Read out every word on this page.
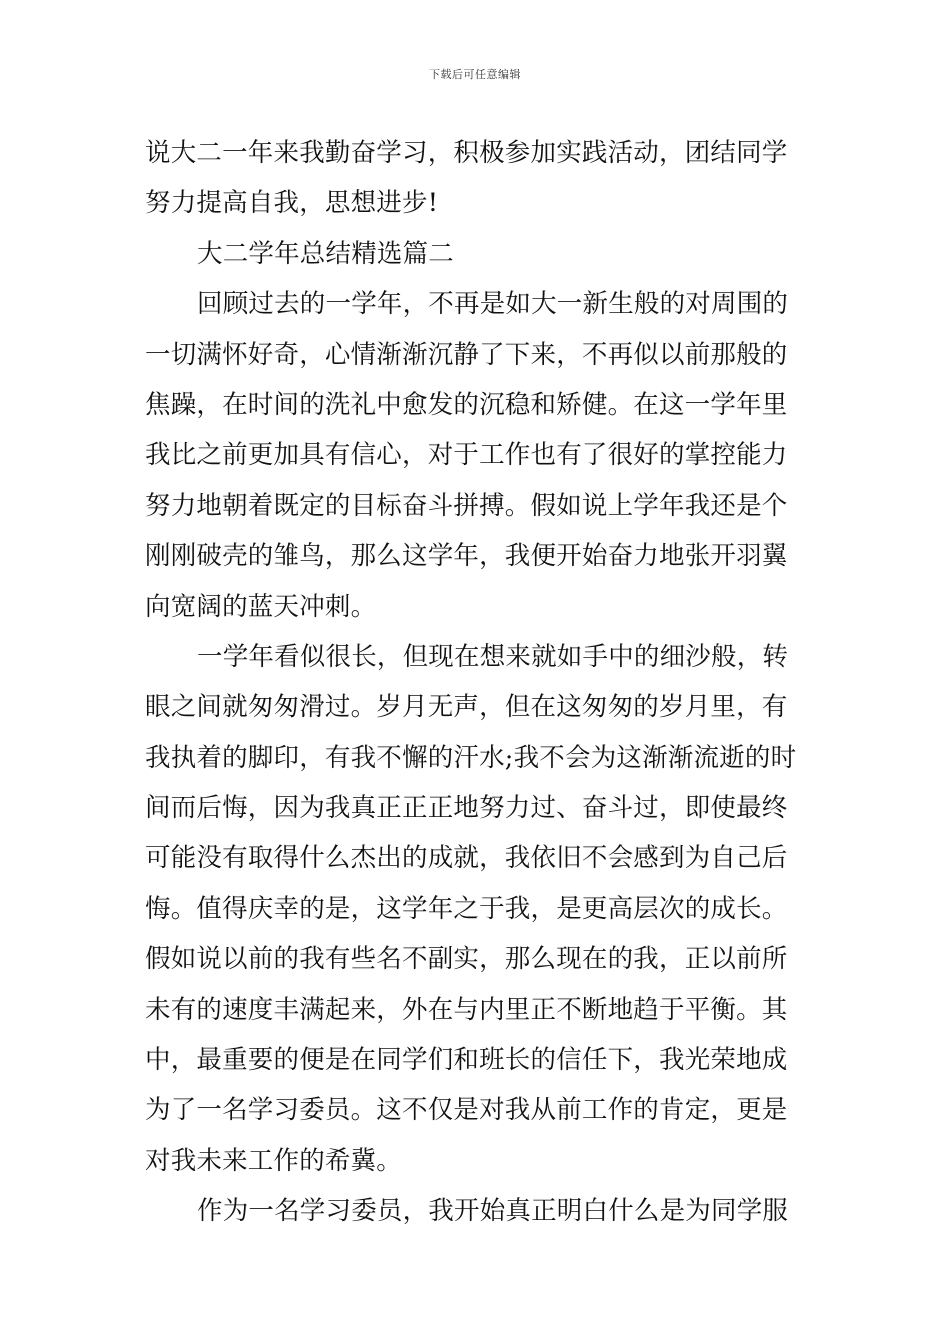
下载后可任意编辑
说大二一年来我勤奋学习，积极参加实践活动，团结同学
努力提高自我，思想进步!
大二学年总结精选篇二
回顾过去的一学年，不再是如大一新生般的对周围的
一切满怀好奇，心情渐渐沉静了下来，不再似以前那般的
焦躁，在时间的洗礼中愈发的沉稳和矫健。在这一学年里
我比之前更加具有信心，对于工作也有了很好的掌控能力
努力地朝着既定的目标奋斗拼搏。假如说上学年我还是个
刚刚破壳的雏鸟，那么这学年，我便开始奋力地张开羽翼
向宽阔的蓝天冲刺。
一学年看似很长，但现在想来就如手中的细沙般，转
眼之间就匆匆滑过。岁月无声，但在这匆匆的岁月里，有
我执着的脚印，有我不懈的汗水;我不会为这渐渐流逝的时
间而后悔，因为我真正正正地努力过、奋斗过，即使最终
可能没有取得什么杰出的成就，我依旧不会感到为自己后
悔。值得庆幸的是，这学年之于我，是更高层次的成长。
假如说以前的我有些名不副实，那么现在的我，正以前所
未有的速度丰满起来，外在与内里正不断地趋于平衡。其
中，最重要的便是在同学们和班长的信任下，我光荣地成
为了一名学习委员。这不仅是对我从前工作的肯定，更是
对我未来工作的希冀。
作为一名学习委员，我开始真正明白什么是为同学服
